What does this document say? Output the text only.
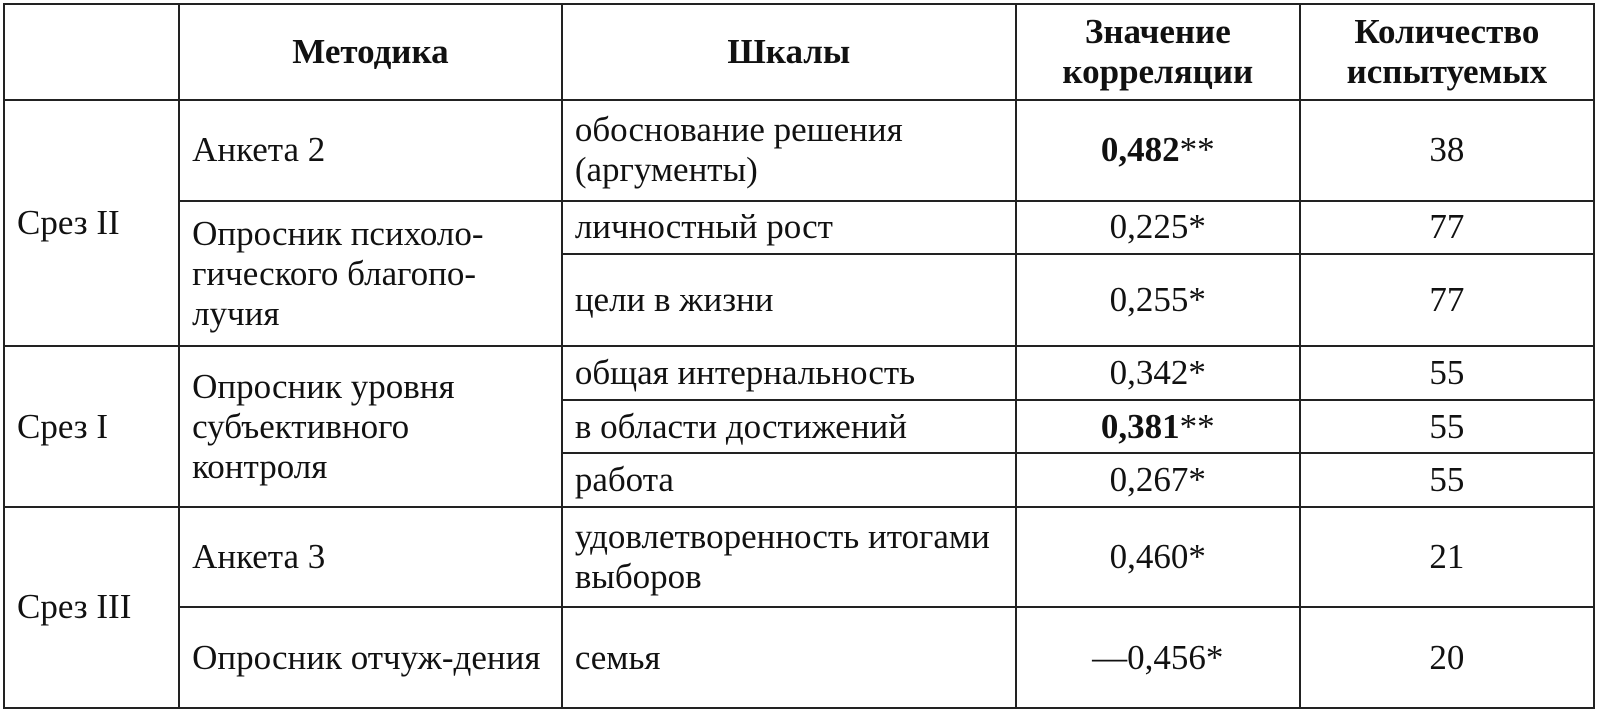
	Методика	Шкалы	Значение корреляции	Количество испытуемых
Срез II	Анкета 2	обоснование решения (аргументы)	0,482**	38
	Опросник психоло-гического благопо-лучия	личностный рост	0,225*	77
		цели в жизни	0,255*	77
Срез I	Опросник уровня субъективного контроля	общая интернальность	0,342*	55
		в области достижений	0,381**	55
		работа	0,267*	55
Срез III	Анкета 3	удовлетворенность итогами выборов	0,460*	21
	Опросник отчуж-дения	семья	—0,456*	20
